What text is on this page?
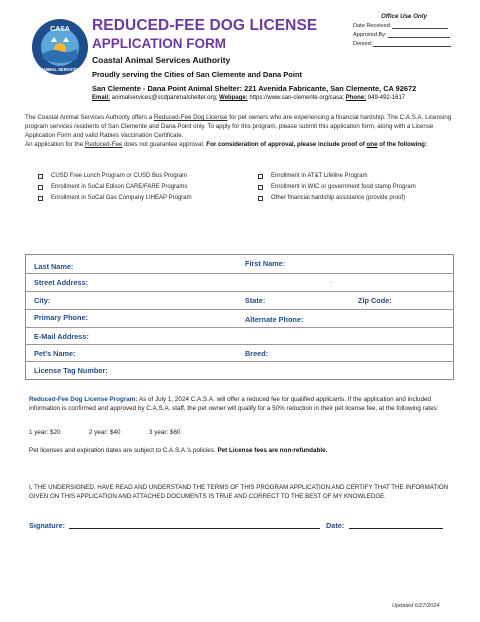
CASA
ANIMAL SERVICES
REDUCED-FEE DOG LICENSE
APPLICATION FORM
Coastal Animal Services Authority
Proudly serving the Cities of San Clemente and Dana Point
San Clemente - Dana Point Animal Shelter: 221 Avenida Fabricante, San Clemente, CA 92672
Email: animalservices@scdpanimalshelter.org; Webpage: https://www.san-clemente.org/casa; Phone: 949-492-1617
Office Use Only
Date Received:
Approved By:
Denied:

The Coastal Animal Services Authority offers a Reduced-Fee Dog License for pet owners who are experiencing a financial hardship. The C.A.S.A. Licensing program services residents of San Clemente and Dana Point only. To apply for this program, please submit this application form, along with a License Application Form and valid Rabies Vaccination Certificate.

An application for the Reduced-Fee does not guarantee approval. For consideration of approval, please include proof of one of the following:

CUSD Free Lunch Program or CUSD Bus Program
Enrollment in SoCal Edison CARE/FARE Programs
Enrollment in SoCal Gas Company LIHEAP Program
Enrollment in AT&T Lifeline Program
Enrollment in WIC or government food stamp Program
Other financial hardship assistance (provide proof)
Last Name:	First Name:
Street Address:	.
City:	State:	Zip Code:
Primary Phone:	Alternate Phone:
E-Mail Address:
Pet's Name:	Breed:
License Tag Number:
Reduced-Fee Dog License Program: As of July 1, 2024 C.A.S.A. will offer a reduced fee for qualified applicants. If the application and included information is confirmed and approved by C.A.S.A. staff, the pet owner will qualify for a 50% reduction in their pet license fee, at the following rates:
1 year: $20	2 year: $40	3 year: $60
Pet licenses and expiration dates are subject to C.A.S.A.'s policies. Pet License fees are non-refundable.
I, THE UNDERSIGNED, HAVE READ AND UNDERSTAND THE TERMS OF THIS PROGRAM APPLICATION AND CERTIFY THAT THE INFORMATION GIVEN ON THIS APPLICATION AND ATTACHED DOCUMENTS IS TRUE AND CORRECT TO THE BEST OF MY KNOWLEDGE.
Signature:	Date:
Updated 6/27/2024
